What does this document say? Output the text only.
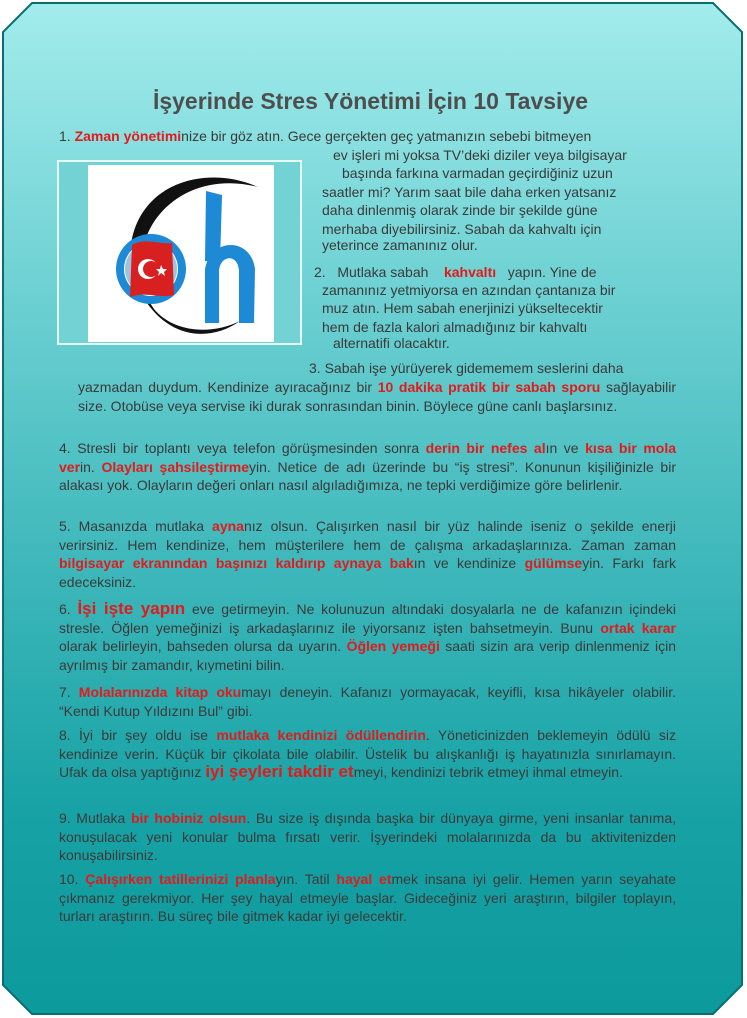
İşyerinde Stres Yönetimi İçin 10 Tavsiye
1. Zaman yönetiminize bir göz atın. Gece gerçekten geç yatmanızın sebebi bitmeyen
ev işleri mi yoksa TV’deki diziler veya bilgisayar
başında farkına varmadan geçirdiğiniz uzun
saatler mi? Yarım saat bile daha erken yatsanız
daha dinlenmiş olarak zinde bir şekilde güne
merhaba diyebilirsiniz. Sabah da kahvaltı için
yeterince zamanınız olur.
2. Mutlaka sabah kahvaltı yapın. Yine de
zamanınız yetmiyorsa en azından çantanıza bir
muz atın. Hem sabah enerjinizi yükseltecektir
hem de fazla kalori almadığınız bir kahvaltı
alternatifi olacaktır.
3. Sabah işe yürüyerek gidememem seslerini daha
yazmadan duydum. Kendinize ayıracağınız bir 10 dakika pratik bir sabah sporu sağlayabilir size. Otobüse veya servise iki durak sonrasından binin. Böylece güne canlı başlarsınız.
4. Stresli bir toplantı veya telefon görüşmesinden sonra derin bir nefes alın ve kısa bir mola verin. Olayları şahsileştirmeyin. Netice de adı üzerinde bu “iş stresi”. Konunun kişiliğinizle bir alakası yok. Olayların değeri onları nasıl algıladığımıza, ne tepki verdiğimize göre belirlenir.
5. Masanızda mutlaka aynanız olsun. Çalışırken nasıl bir yüz halinde iseniz o şekilde enerji verirsiniz. Hem kendinize, hem müşterilere hem de çalışma arkadaşlarınıza. Zaman zaman bilgisayar ekranından başınızı kaldırıp aynaya bakın ve kendinize gülümseyin. Farkı fark edeceksiniz.
6. İşi işte yapın eve getirmeyin. Ne kolunuzun altındaki dosyalarla ne de kafanızın içindeki stresle. Öğlen yemeğinizi iş arkadaşlarınız ile yiyorsanız işten bahsetmeyin. Bunu ortak karar olarak belirleyin, bahseden olursa da uyarın. Öğlen yemeği saati sizin ara verip dinlenmeniz için ayrılmış bir zamandır, kıymetini bilin.
7. Molalarınızda kitap okumayı deneyin. Kafanızı yormayacak, keyifli, kısa hikâyeler olabilir. “Kendi Kutup Yıldızını Bul” gibi.
8. İyi bir şey oldu ise mutlaka kendinizi ödüllendirin. Yöneticinizden beklemeyin ödülü siz kendinize verin. Küçük bir çikolata bile olabilir. Üstelik bu alışkanlığı iş hayatınızla sınırlamayın. Ufak da olsa yaptığınız iyi şeyleri takdir etmeyi, kendinizi tebrik etmeyi ihmal etmeyin.
9. Mutlaka bir hobiniz olsun. Bu size iş dışında başka bir dünyaya girme, yeni insanlar tanıma, konuşulacak yeni konular bulma fırsatı verir. İşyerindeki molalarınızda da bu aktivitenizden konuşabilirsiniz.
10. Çalışırken tatillerinizi planlayın. Tatil hayal etmek insana iyi gelir. Hemen yarın seyahate çıkmanız gerekmiyor. Her şey hayal etmeyle başlar. Gideceğiniz yeri araştırın, bilgiler toplayın, turları araştırın. Bu süreç bile gitmek kadar iyi gelecektir.
